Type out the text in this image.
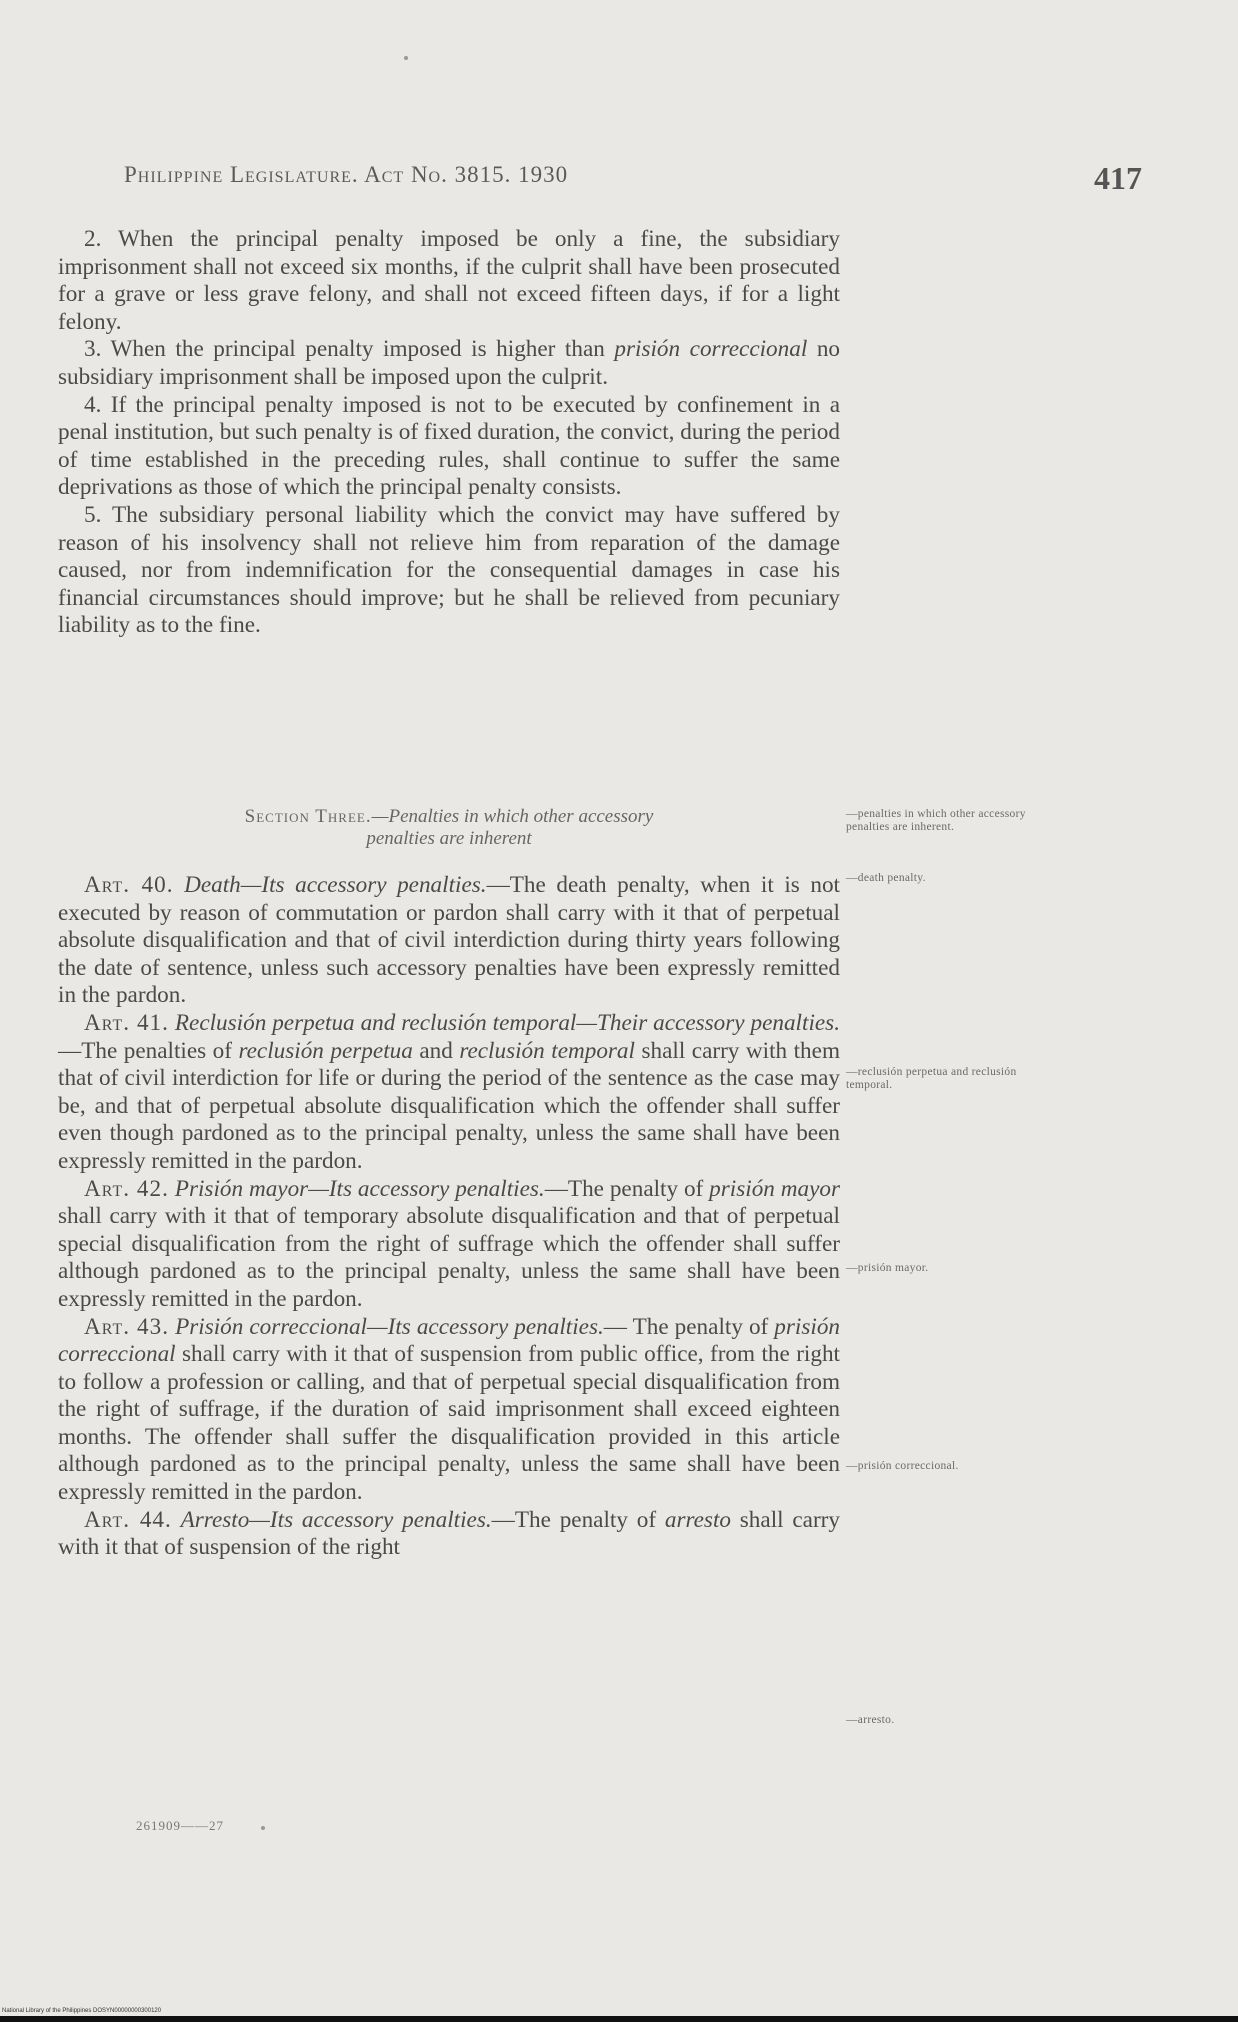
Philippine Legislature. Act No. 3815. 1930	417

2. When the principal penalty imposed be only a fine, the subsidiary imprisonment shall not exceed six months, if the culprit shall have been prosecuted for a grave or less grave felony, and shall not exceed fifteen days, if for a light felony.

3. When the principal penalty imposed is higher than prisión correccional no subsidiary imprisonment shall be imposed upon the culprit.

4. If the principal penalty imposed is not to be executed by confinement in a penal institution, but such penalty is of fixed duration, the convict, during the period of time established in the preceding rules, shall continue to suffer the same deprivations as those of which the principal penalty consists.

5. The subsidiary personal liability which the convict may have suffered by reason of his insolvency shall not relieve him from reparation of the damage caused, nor from indemnification for the consequential damages in case his financial circumstances should improve; but he shall be relieved from pecuniary liability as to the fine.

Section Three.—Penalties in which other accessory
penalties are inherent
—penalties in which other accessory penalties are inherent.

Art. 40. Death—Its accessory penalties.—The death penalty, when it is not executed by reason of commutation or pardon shall carry with it that of perpetual absolute disqualification and that of civil interdiction during thirty years following the date of sentence, unless such accessory penalties have been expressly remitted in the pardon.

Art. 41. Reclusión perpetua and reclusión temporal—Their accessory penalties.—The penalties of reclusión perpetua and reclusión temporal shall carry with them that of civil interdiction for life or during the period of the sentence as the case may be, and that of perpetual absolute disqualification which the offender shall suffer even though pardoned as to the principal penalty, unless the same shall have been expressly remitted in the pardon.

Art. 42. Prisión mayor—Its accessory penalties.—The penalty of prisión mayor shall carry with it that of temporary absolute disqualification and that of perpetual special disqualification from the right of suffrage which the offender shall suffer although pardoned as to the principal penalty, unless the same shall have been expressly remitted in the pardon.

Art. 43. Prisión correccional—Its accessory penalties.— The penalty of prisión correccional shall carry with it that of suspension from public office, from the right to follow a profession or calling, and that of perpetual special disqualification from the right of suffrage, if the duration of said imprisonment shall exceed eighteen months. The offender shall suffer the disqualification provided in this article although pardoned as to the principal penalty, unless the same shall have been expressly remitted in the pardon.

Art. 44. Arresto—Its accessory penalties.—The penalty of arresto shall carry with it that of suspension of the right

—death penalty.
—reclusión perpetua and reclusión temporal.
—prisión mayor.
—prisión correccional.
—arresto.
261909——27
National Library of the Philippines DOSYN00000000300120
